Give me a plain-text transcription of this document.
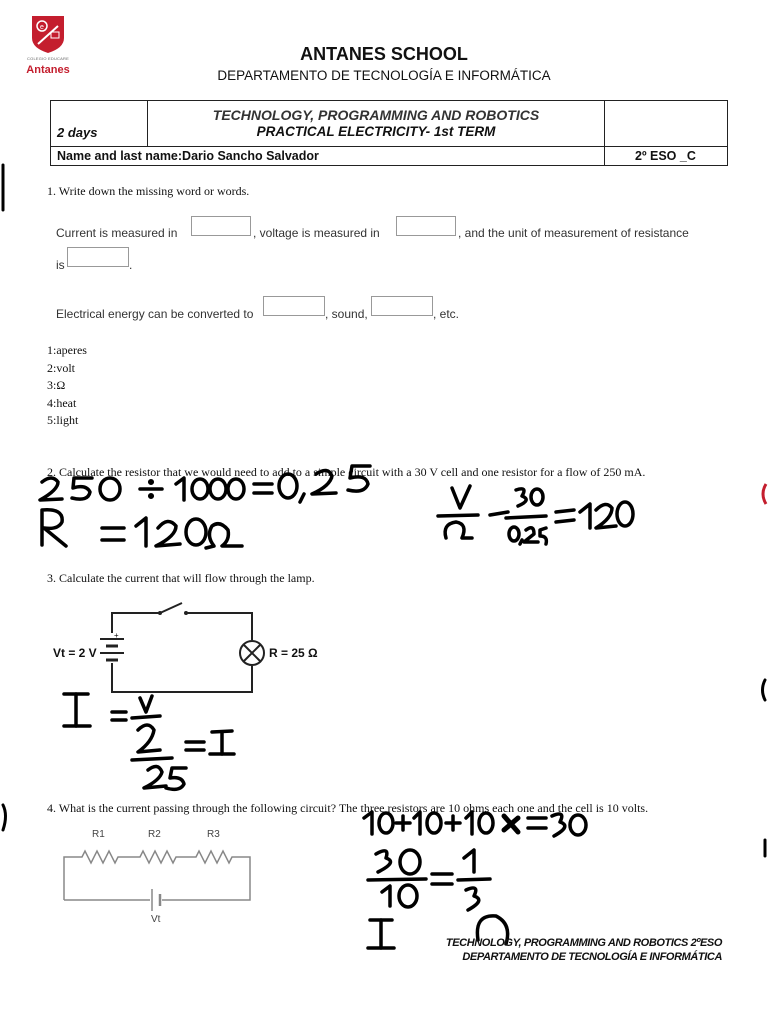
e
COLEGIO EDUCARE
Antanes
ANTANES SCHOOL
DEPARTAMENTO DE TECNOLOGÍA E INFORMÁTICA
2 days
TECHNOLOGY, PROGRAMMING AND ROBOTICS
PRACTICAL ELECTRICITY- 1st TERM
Name and last name:Dario Sancho Salvador	2º ESO _C
1. Write down the missing word or words.
Current is measured in	, voltage is measured in	, and the unit of measurement of resistance
is	.
Electrical energy can be converted to	, sound,	, etc.
1:aperes
2:volt
3:Ω
4:heat
5:light
2. Calculate the resistor that we would need to add to a simple circuit with a 30 V cell and one resistor for a flow of 250 mA.
3. Calculate the current that will flow through the lamp.
+
Vt = 2 V	R = 25 Ω
4. What is the current passing through the following circuit? The three resistors are 10 ohms each one and the cell is 10 volts.
R1	R2	R3
Vt
TECHNOLOGY, PROGRAMMING AND ROBOTICS 2ºESO
DEPARTAMENTO DE TECNOLOGÍA E INFORMÁTICA
